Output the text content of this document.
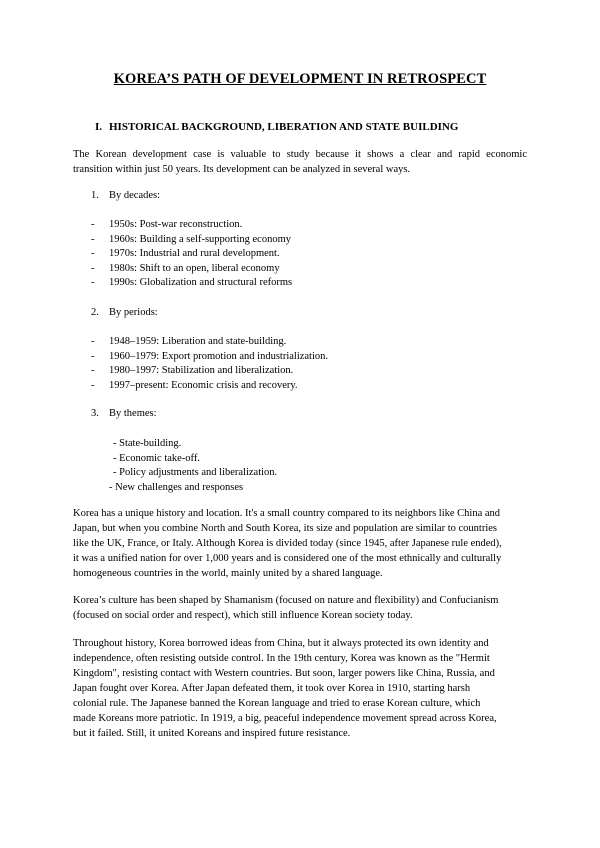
KOREA’S PATH OF DEVELOPMENT IN RETROSPECT
I. HISTORICAL BACKGROUND, LIBERATION AND STATE BUILDING
The Korean development case is valuable to study because it shows a clear and rapid economic
transition within just 50 years. Its development can be analyzed in several ways.
1. By decades:
- 1950s: Post-war reconstruction.
- 1960s: Building a self-supporting economy
- 1970s: Industrial and rural development.
- 1980s: Shift to an open, liberal economy
- 1990s: Globalization and structural reforms
2. By periods:
- 1948–1959: Liberation and state-building.
- 1960–1979: Export promotion and industrialization.
- 1980–1997: Stabilization and liberalization.
- 1997–present: Economic crisis and recovery.
3. By themes:
- State-building.
- Economic take-off.
- Policy adjustments and liberalization.
- New challenges and responses
Korea has a unique history and location. It's a small country compared to its neighbors like China and
Japan, but when you combine North and South Korea, its size and population are similar to countries
like the UK, France, or Italy. Although Korea is divided today (since 1945, after Japanese rule ended),
it was a unified nation for over 1,000 years and is considered one of the most ethnically and culturally
homogeneous countries in the world, mainly united by a shared language.
Korea’s culture has been shaped by Shamanism (focused on nature and flexibility) and Confucianism
(focused on social order and respect), which still influence Korean society today.
Throughout history, Korea borrowed ideas from China, but it always protected its own identity and
independence, often resisting outside control. In the 19th century, Korea was known as the "Hermit
Kingdom", resisting contact with Western countries. But soon, larger powers like China, Russia, and
Japan fought over Korea. After Japan defeated them, it took over Korea in 1910, starting harsh
colonial rule. The Japanese banned the Korean language and tried to erase Korean culture, which
made Koreans more patriotic. In 1919, a big, peaceful independence movement spread across Korea,
but it failed. Still, it united Koreans and inspired future resistance.
